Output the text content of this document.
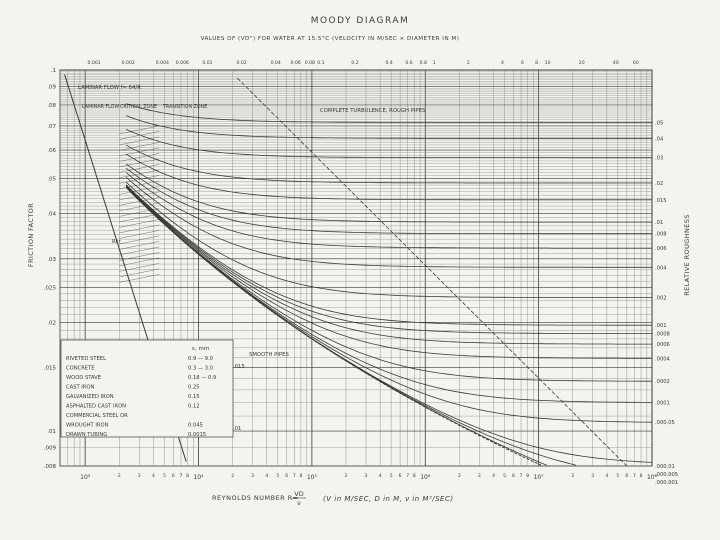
MOODY DIAGRAM
VALUES OF (VD") FOR WATER AT 15.5°C (VELOCITY IN M/SEC × DIAMETER IN M)
.1
.09
.08
.07
.06
.05
.04
.03
.025
.02
.015
.01
.009
.008
10³	10⁴	10⁵	10⁶	10⁷	10⁸
2	3	4 5 6 7 8	2	3	4 5 6 7 8	2	3	4 5 6 7 8	2	3	4 5 6 7 8	2	3	4 5 6 7 8
0.001	0.002	0.004 0.006	0.01	0.02	0.04 0.06 0.08 0.1	0.2	0.4	0.6 0.8 1	2	4	6 8 10	20	40	60
.05
.04
.03
.02
.015
.01
.008
.006
.004
.002
.001
.0008
.0006
.0004
.0002
.0001
.000,05
.000,01
.000,005
.000,001
LAMINAR FLOW f= 64/R
LAMINAR FLOW CRITICAL ZONE TRANSITION ZONE
COMPLETE TURBULENCE, ROUGH PIPES
SMOOTH PIPES
Rcr
.015
.01
ε, mm
RIVETED STEEL	0.9 — 9.0
CONCRETE	0.3 — 3.0
WOOD STAVE	0.18 — 0.9
CAST IRON	0.25
GALVANIZED IRON	0.15
ASPHALTED CAST IRON	0.12
COMMERCIAL STEEL OR
WROUGHT IRON	0.045
DRAWN TUBING	0.0015
REYNOLDS NUMBER R=
VD
ν	(V in M/SEC, D in M, ν in M²/SEC)
FRICTION FACTOR	RELATIVE ROUGHNESS
